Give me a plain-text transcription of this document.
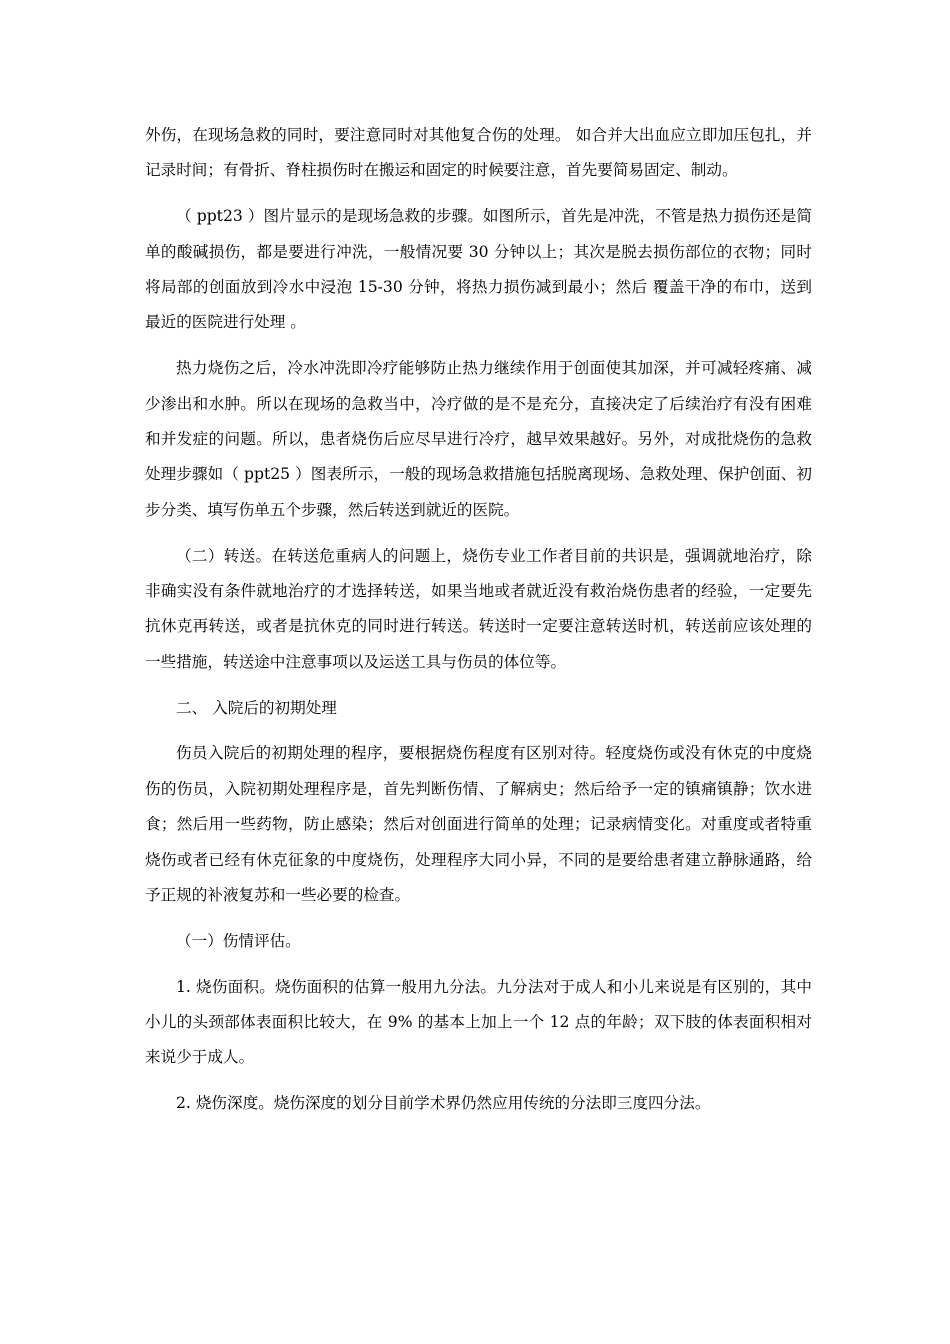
外伤，在现场急救的同时，要注意同时对其他复合伤的处理。 如合并大出血应立即加压包扎，并记录时间；有骨折、脊柱损伤时在搬运和固定的时候要注意，首先要简易固定、制动。

（ ppt23 ）图片显示的是现场急救的步骤。如图所示，首先是冲洗，不管是热力损伤还是简单的酸碱损伤，都是要进行冲洗，一般情况要 30 分钟以上；其次是脱去损伤部位的衣物；同时将局部的创面放到冷水中浸泡 15-30 分钟，将热力损伤减到最小；然后 覆盖干净的布巾，送到最近的医院进行处理 。

热力烧伤之后，冷水冲洗即冷疗能够防止热力继续作用于创面使其加深，并可减轻疼痛、减少渗出和水肿。所以在现场的急救当中，冷疗做的是不是充分，直接决定了后续治疗有没有困难和并发症的问题。所以，患者烧伤后应尽早进行冷疗，越早效果越好。另外，对成批烧伤的急救处理步骤如（ ppt25 ）图表所示，一般的现场急救措施包括脱离现场、急救处理、保护创面、初步分类、填写伤单五个步骤，然后转送到就近的医院。

（二）转送。在转送危重病人的问题上，烧伤专业工作者目前的共识是，强调就地治疗，除非确实没有条件就地治疗的才选择转送，如果当地或者就近没有救治烧伤患者的经验，一定要先抗休克再转送，或者是抗休克的同时进行转送。转送时一定要注意转送时机，转送前应该处理的一些措施，转送途中注意事项以及运送工具与伤员的体位等。

二、 入院后的初期处理

伤员入院后的初期处理的程序，要根据烧伤程度有区别对待。轻度烧伤或没有休克的中度烧伤的伤员，入院初期处理程序是，首先判断伤情、了解病史；然后给予一定的镇痛镇静；饮水进食；然后用一些药物，防止感染；然后对创面进行简单的处理；记录病情变化。对重度或者特重烧伤或者已经有休克征象的中度烧伤，处理程序大同小异，不同的是要给患者建立静脉通路，给予正规的补液复苏和一些必要的检查。

（一）伤情评估。

1. 烧伤面积。烧伤面积的估算一般用九分法。九分法对于成人和小儿来说是有区别的，其中小儿的头颈部体表面积比较大，在 9% 的基本上加上一个 12 点的年龄；双下肢的体表面积相对来说少于成人。

2. 烧伤深度。烧伤深度的划分目前学术界仍然应用传统的分法即三度四分法。
